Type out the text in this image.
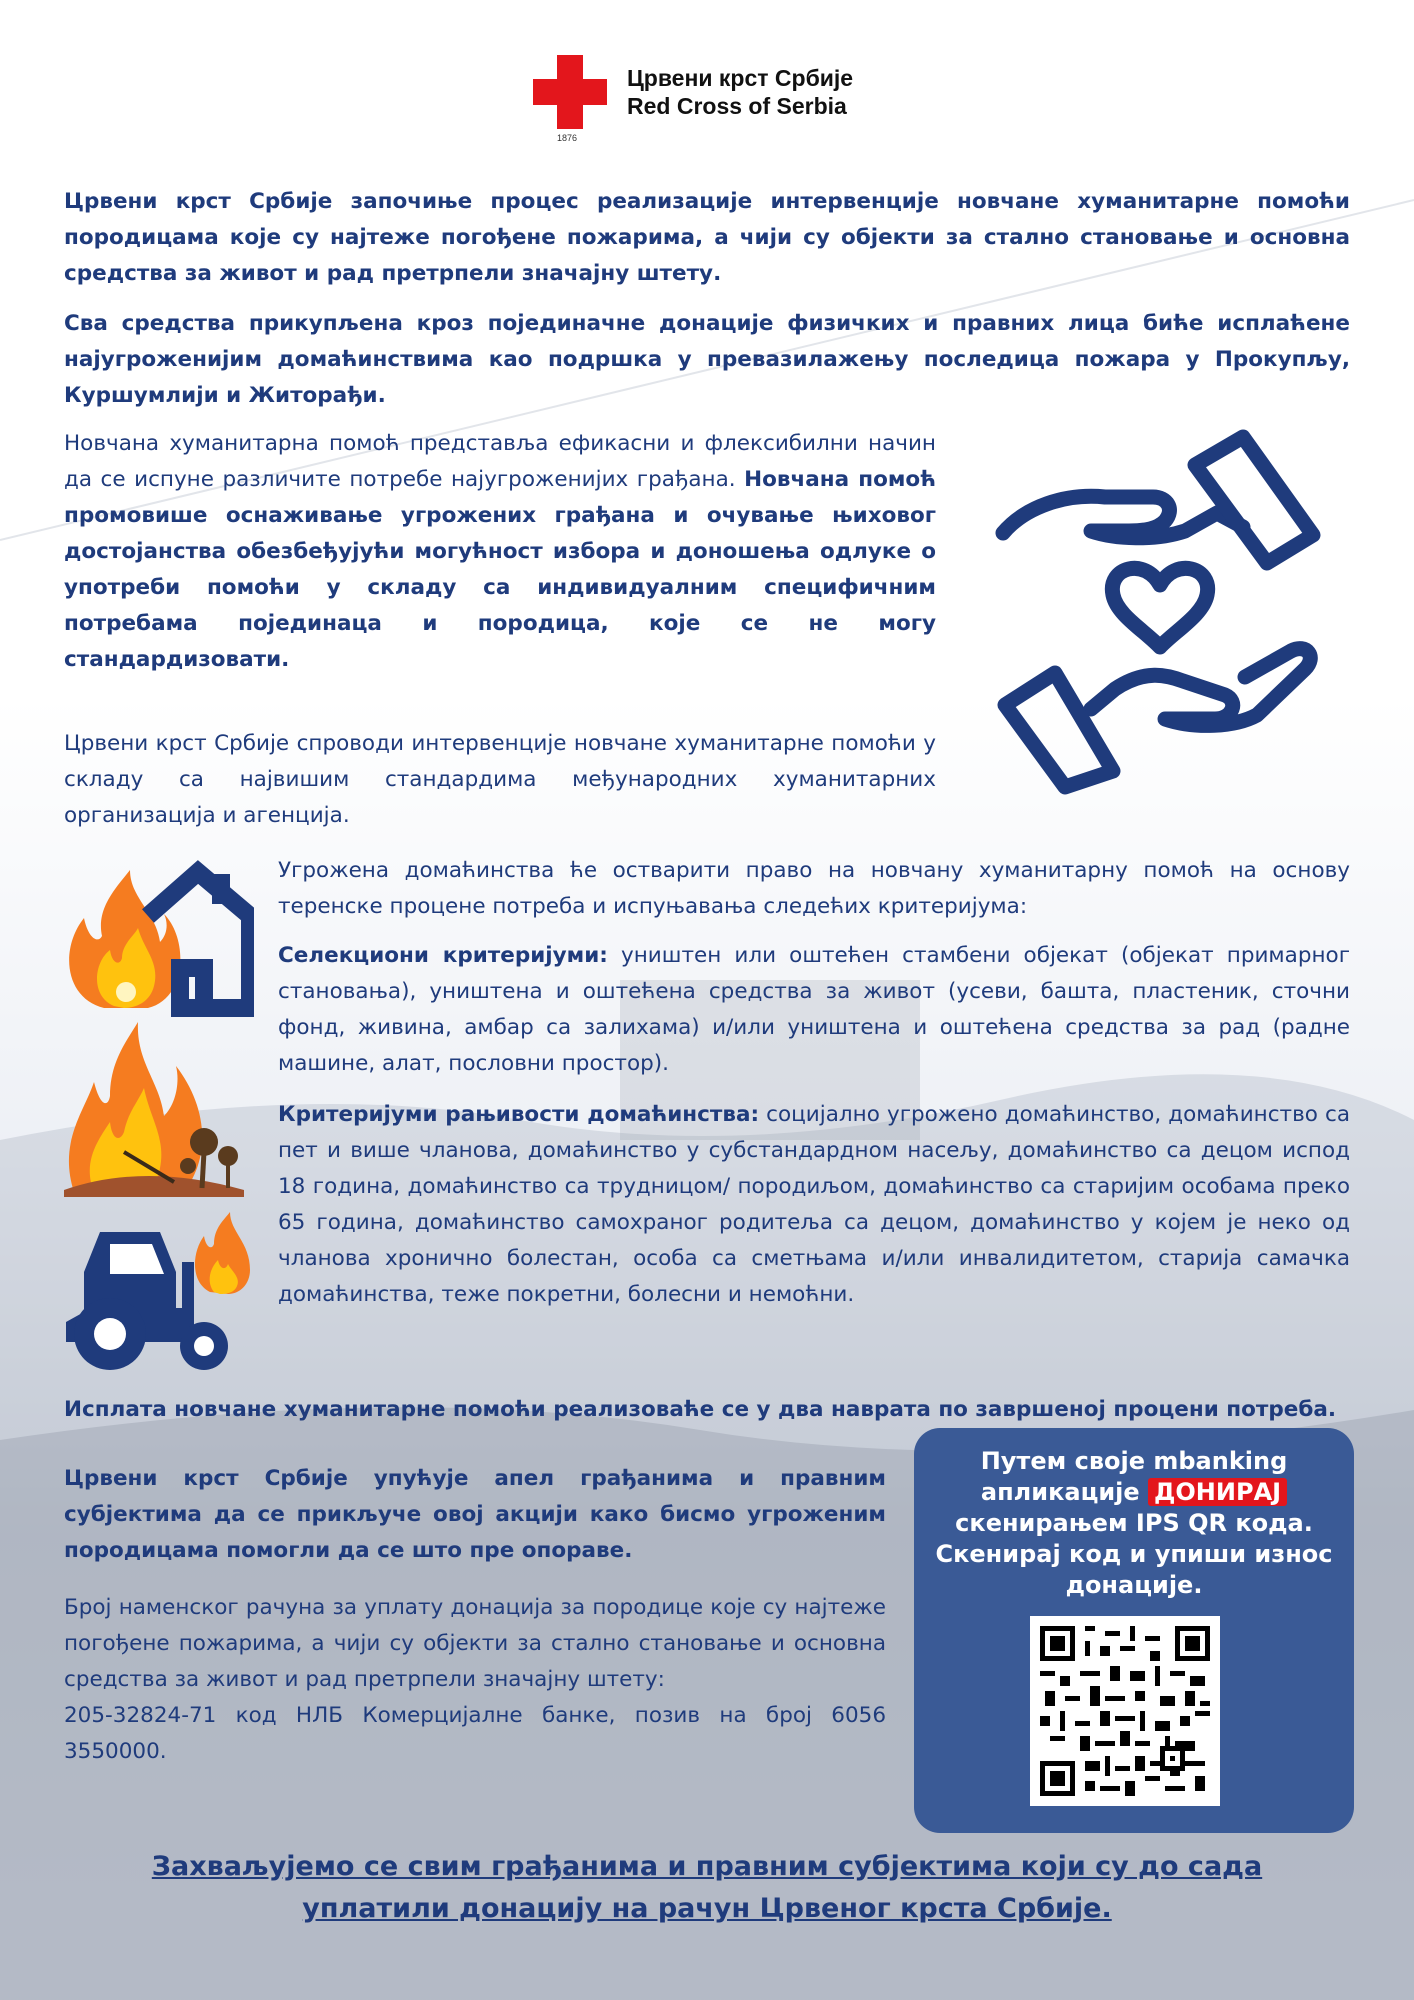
Црвени крст Србије
Red Cross of Serbia
1876

Црвени крст Србије започиње процес реализације интервенције новчане хуманитарне помоћи породицама које су најтеже погођене пожарима, а чији су објекти за стално становање и основна средства за живот и рад претрпели значајну штету.

Сва средства прикупљена кроз појединачне донације физичких и правних лица биће исплаћене најугроженијим домаћинствима као подршка у превазилажењу последица пожара у Прокупљу, Куршумлији и Житорађи.

Новчана хуманитарна помоћ представља ефикасни и флексибилни начин да се испуне различите потребе најугроженијих грађана. Новчана помоћ промовише оснаживање угрожених грађана и очување њиховог достојанства обезбеђујући могућност избора и доношења одлуке о употреби помоћи у складу са индивидуалним специфичним потребама појединаца и породица, које се не могу стандардизовати.

Црвени крст Србије спроводи интервенције новчане хуманитарне помоћи у складу са највишим стандардима међународних хуманитарних организација и агенција.

Угрожена домаћинства ће остварити право на новчану хуманитарну помоћ на основу теренске процене потреба и испуњавања следећих критеријума:

Селекциони критеријуми: уништен или оштећен стамбени објекат (објекат примарног становања), уништена и оштећена средства за живот (усеви, башта, пластеник, сточни фонд, живина, амбар са залихама) и/или уништена и оштећена средства за рад (радне машине, алат, пословни простор).

Критеријуми рањивости домаћинства: социјално угрожено домаћинство, домаћинство са пет и више чланова, домаћинство у субстандардном насељу, домаћинство са децом испод 18 година, домаћинство са трудницом/ породиљом, домаћинство са старијим особама преко 65 година, домаћинство самохраног родитеља са децом, домаћинство у којем је неко од чланова хронично болестан, особа са сметњама и/или инвалидитетом, старија самачка домаћинства, теже покретни, болесни и немоћни.

Исплата новчане хуманитарне помоћи реализоваће се у два наврата по завршеној процени потреба.

Црвени крст Србије упућује апел грађанима и правним субјектима да се прикључе овој акцији како бисмо угроженим породицама помогли да се што пре опораве.

Број наменског рачуна за уплату донација за породице које су најтеже погођене пожарима, а чији су објекти за стално становање и основна средства за живот и рад претрпели значајну штету:

205-32824-71 код НЛБ Комерцијалне банке, позив на број 6056 3550000.

Путем своје mbanking апликације ДОНИРАЈ скенирањем IPS QR кода. Скенирај код и упиши износ донације.

Захваљујемо се свим грађанима и правним субјектима који су до сада уплатили донацију на рачун Црвеног крста Србије.
